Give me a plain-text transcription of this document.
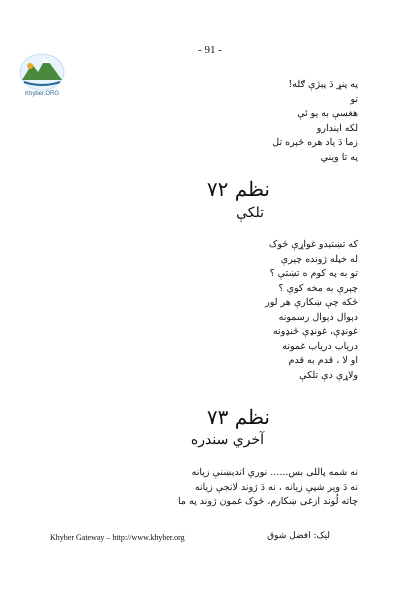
- 91 -
Khyber.ORG
په پنړ دَ پېژې ګله!
تو
هغسې به يو ئې
لکه اېندارو
زما دَ ياد هره څېره تل
په تا ويني
نظم ۷۲
تلکې
که تښتېدو غواړې څوک
له خپله ژونده چېرې
تو به په کوم ه تښتې ؟
چېرې به مخه کوې ؟
څکه چې ښکارې هر لور
دېوال دېوال رسمونه
غونډې، غونډې څنډونه
درياب دریاب غمونه
او لا ، قدم به قدم
ولاړې دې تلکې
نظم ۷۳
آخري سندره
نه شمه پاللی بس...... نوري اندېښنې زيانه
نه دَ وير شپې زيانه ، نه دَ ژوند لانجې زيانه
چاته لُوند ازغی ښکارم، څوک غمون ژوند په ما
Khyber Gateway – http://www.khyber.org	ليک: افضل شوق
